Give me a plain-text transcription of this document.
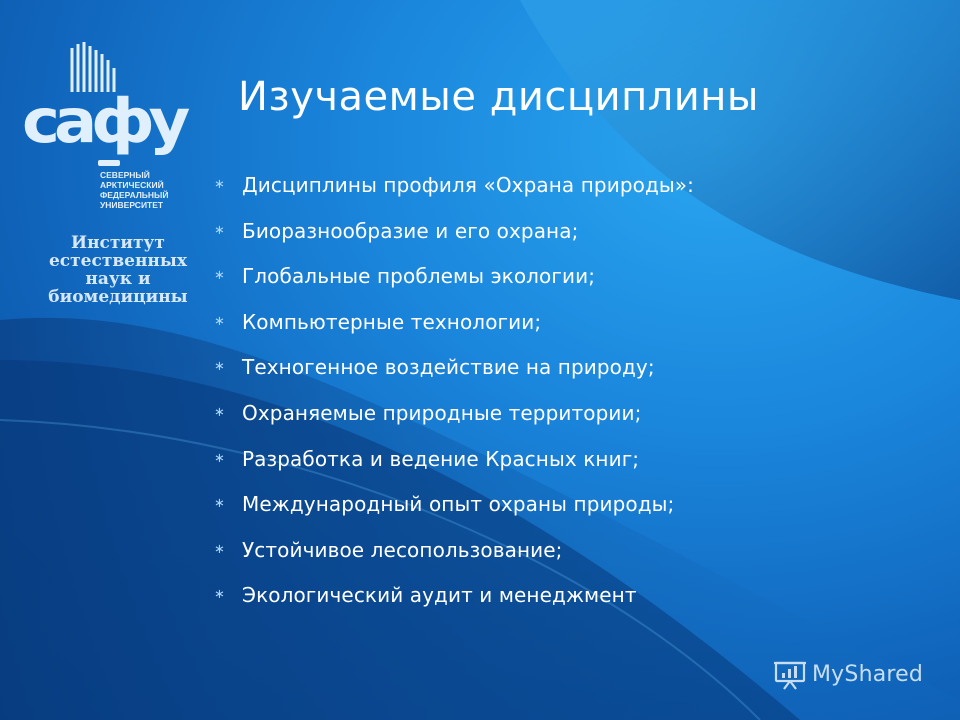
сафу
СЕВЕРНЫЙ
АРКТИЧЕСКИЙ
ФЕДЕРАЛЬНЫЙ
УНИВЕРСИТЕТ
Институт
естественных
наук и
биомедицины
Изучаемые дисциплины
∗ Дисциплины профиля «Охрана природы»:
∗ Биоразнообразие и его охрана;
∗ Глобальные проблемы экологии;
∗ Компьютерные технологии;
∗ Техногенное воздействие на природу;
∗ Охраняемые природные территории;
∗ Разработка и ведение Красных книг;
∗ Международный опыт охраны природы;
∗ Устойчивое лесопользование;
∗ Экологический аудит и менеджмент
MyShared
